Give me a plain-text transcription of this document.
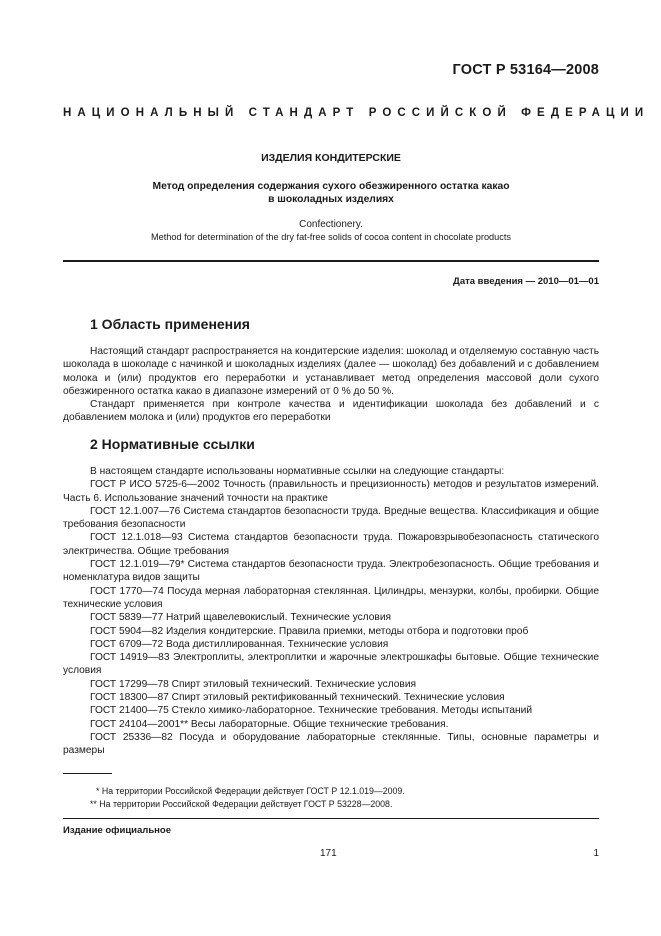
ГОСТ Р 53164—2008
НАЦИОНАЛЬНЫЙ СТАНДАРТ РОССИЙСКОЙ ФЕДЕРАЦИИ
ИЗДЕЛИЯ КОНДИТЕРСКИЕ
Метод определения содержания сухого обезжиренного остатка какао
в шоколадных изделиях
Confectionery.
Method for determination of the dry fat-free solids of cocoa content in chocolate products
Дата введения — 2010—01—01
1 Область применения

Настоящий стандарт распространяется на кондитерские изделия: шоколад и отделяемую составную часть шоколада в шоколаде с начинкой и шоколадных изделиях (далее — шоколад) без добавлений и с добавлением молока и (или) продуктов его переработки и устанавливает метод определения массовой доли сухого обезжиренного остатка какао в диапазоне измерений от 0 % до 50 %.

Стандарт применяется при контроле качества и идентификации шоколада без добавлений и с добавлением молока и (или) продуктов его переработки

2 Нормативные ссылки

В настоящем стандарте использованы нормативные ссылки на следующие стандарты:

ГОСТ Р ИСО 5725-6—2002 Точность (правильность и прецизионность) методов и результатов измерений. Часть 6. Использование значений точности на практике

ГОСТ 12.1.007—76 Система стандартов безопасности труда. Вредные вещества. Классификация и общие требования безопасности

ГОСТ 12.1.018—93 Система стандартов безопасности труда. Пожаровзрывобезопасность статического электричества. Общие требования

ГОСТ 12.1.019—79* Система стандартов безопасности труда. Электробезопасность. Общие требования и номенклатура видов защиты

ГОСТ 1770—74 Посуда мерная лабораторная стеклянная. Цилиндры, мензурки, колбы, пробирки. Общие технические условия

ГОСТ 5839—77 Натрий щавелевокислый. Технические условия

ГОСТ 5904—82 Изделия кондитерские. Правила приемки, методы отбора и подготовки проб

ГОСТ 6709—72 Вода дистиллированная. Технические условия

ГОСТ 14919—83 Электроплиты, электроплитки и жарочные электрошкафы бытовые. Общие технические условия

ГОСТ 17299—78 Спирт этиловый технический. Технические условия

ГОСТ 18300—87 Спирт этиловый ректификованный технический. Технические условия

ГОСТ 21400—75 Стекло химико-лабораторное. Технические требования. Методы испытаний

ГОСТ 24104—2001** Весы лабораторные. Общие технические требования.

ГОСТ 25336—82 Посуда и оборудование лабораторные стеклянные. Типы, основные параметры и размеры

* На территории Российской Федерации действует ГОСТ Р 12.1.019—2009.
** На территории Российской Федерации действует ГОСТ Р 53228—2008.
Издание официальное
171	1
